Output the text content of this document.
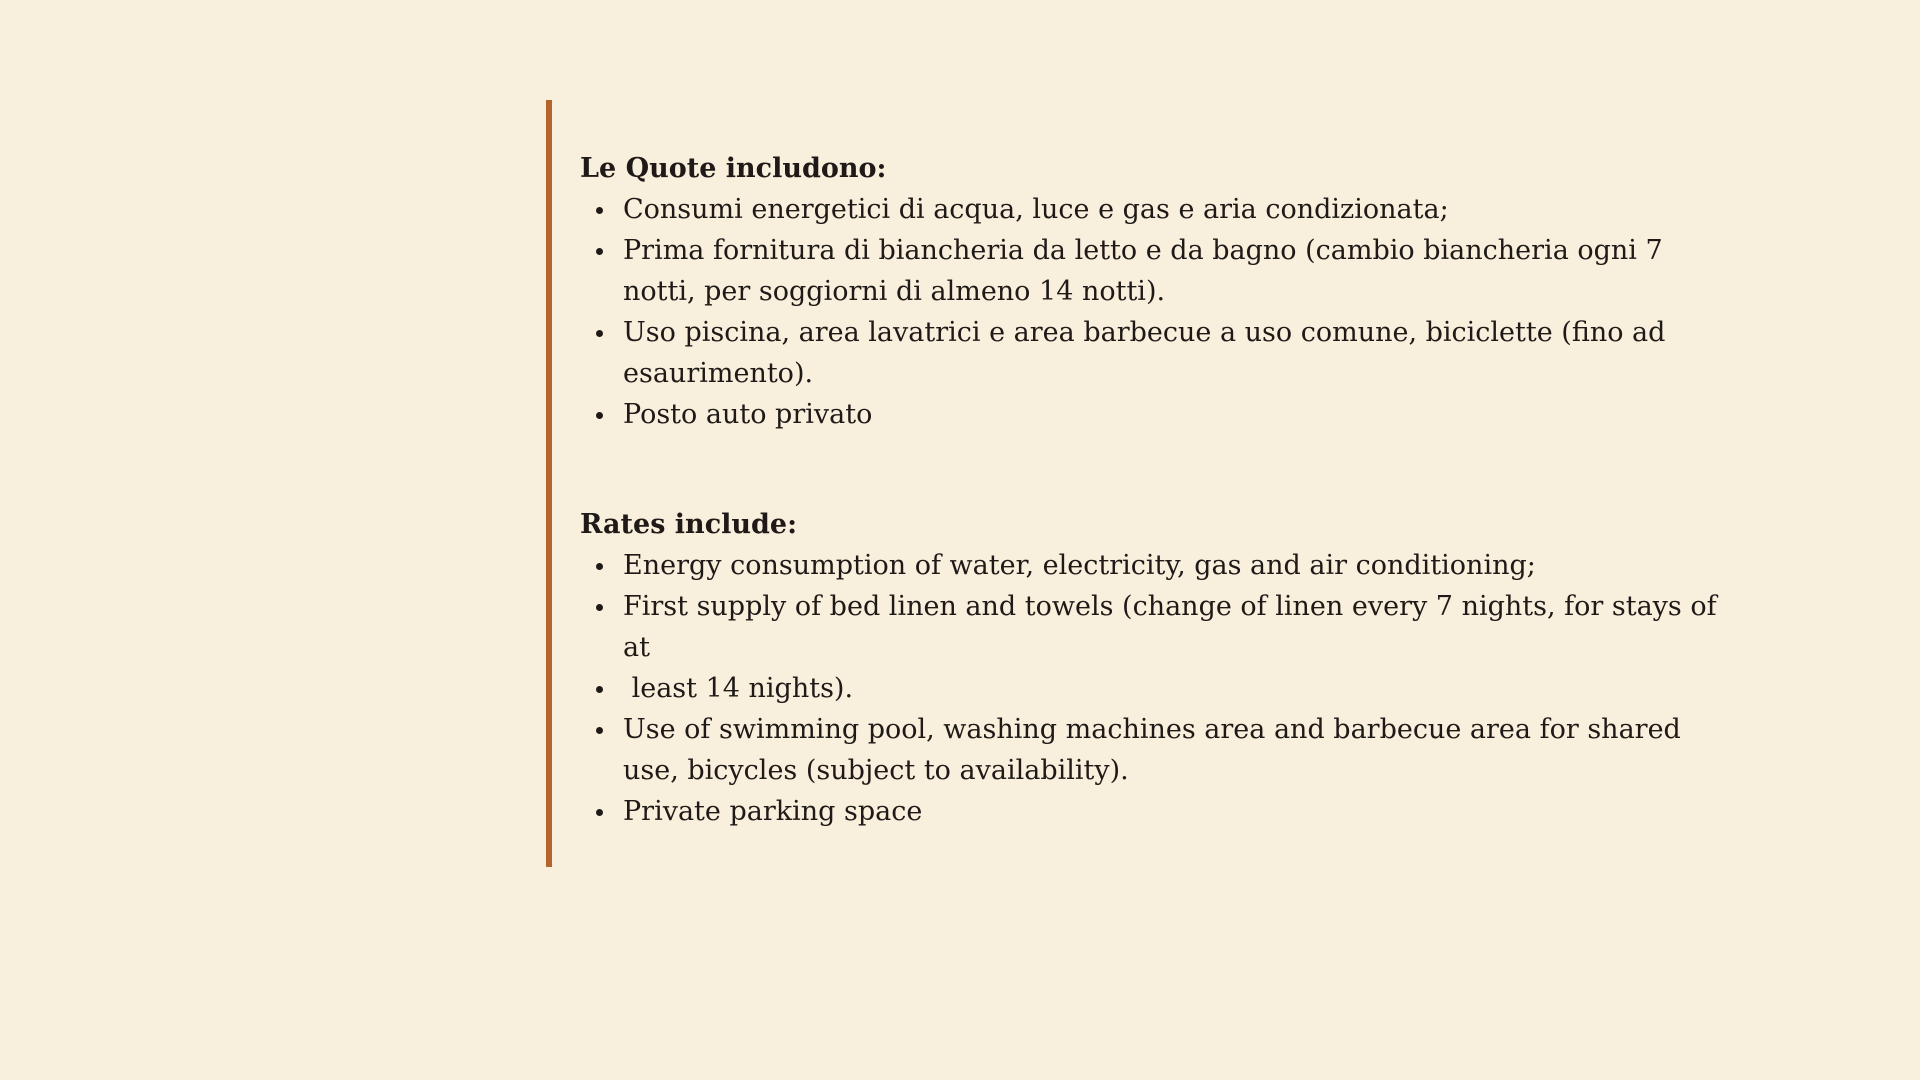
Le Quote includono:

Consumi energetici di acqua, luce e gas e aria condizionata;
Prima fornitura di biancheria da letto e da bagno (cambio biancheria ogni 7 notti, per soggiorni di almeno 14 notti).
Uso piscina, area lavatrici e area barbecue a uso comune, biciclette (fino ad esaurimento).
Posto auto privato

Rates include:

Energy consumption of water, electricity, gas and air conditioning;
First supply of bed linen and towels (change of linen every 7 nights, for stays of at
least 14 nights).
Use of swimming pool, washing machines area and barbecue area for shared use, bicycles (subject to availability).
Private parking space
